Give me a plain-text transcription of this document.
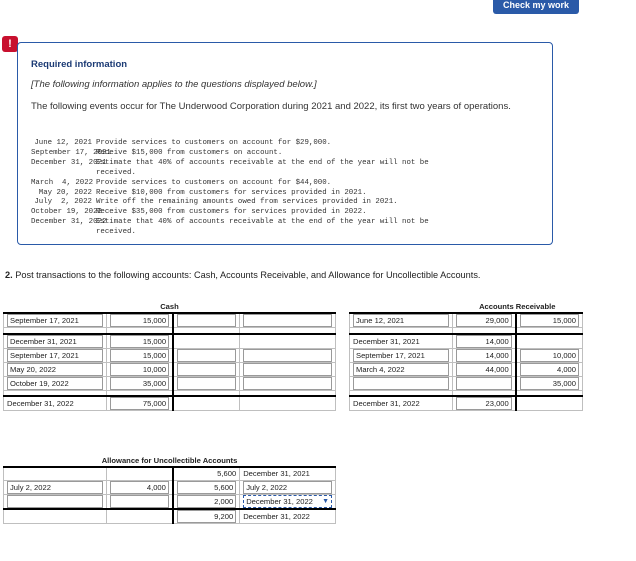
Check my work
!
Required information
[The following information applies to the questions displayed below.]
The following events occur for The Underwood Corporation during 2021 and 2022, its first two years of operations.
June 12, 2021 Provide services to customers on account for $29,000.
September 17, 2021
Receive $15,000 from customers on account.
December 31, 2021
Estimate that 40% of accounts receivable at the end of the year will not be
received.
March  4, 2022 Provide services to customers on account for $44,000.
May 20, 2022 Receive $10,000 from customers for services provided in 2021.
July  2, 2022 Write off the remaining amounts owed from services provided in 2021.
October 19, 2022
Receive $35,000 from customers for services provided in 2022.
December 31, 2022
Estimate that 40% of accounts receivable at the end of the year will not be
received.
2. Post transactions to the following accounts: Cash, Accounts Receivable, and Allowance for Uncollectible Accounts.
Cash			

September 17, 2021	15,000		

December 31, 2021	15,000		

September 17, 2021	15,000		

May 20, 2022	10,000		

October 19, 2022	35,000		

December 31, 2022	75,000		

	Accounts Receivable	

June 12, 2021	29,000	15,000

December 31, 2021	14,000	

September 17, 2021	14,000	10,000

March 4, 2022	44,000	4,000

		35,000

December 31, 2022	23,000	

Allowance for Uncollectible Accounts			
		5,600	December 31, 2021

July 2, 2022	4,000	5,600	July 2, 2022

		2,000	December 31, 2022 ▼

		9,200	December 31, 2022
